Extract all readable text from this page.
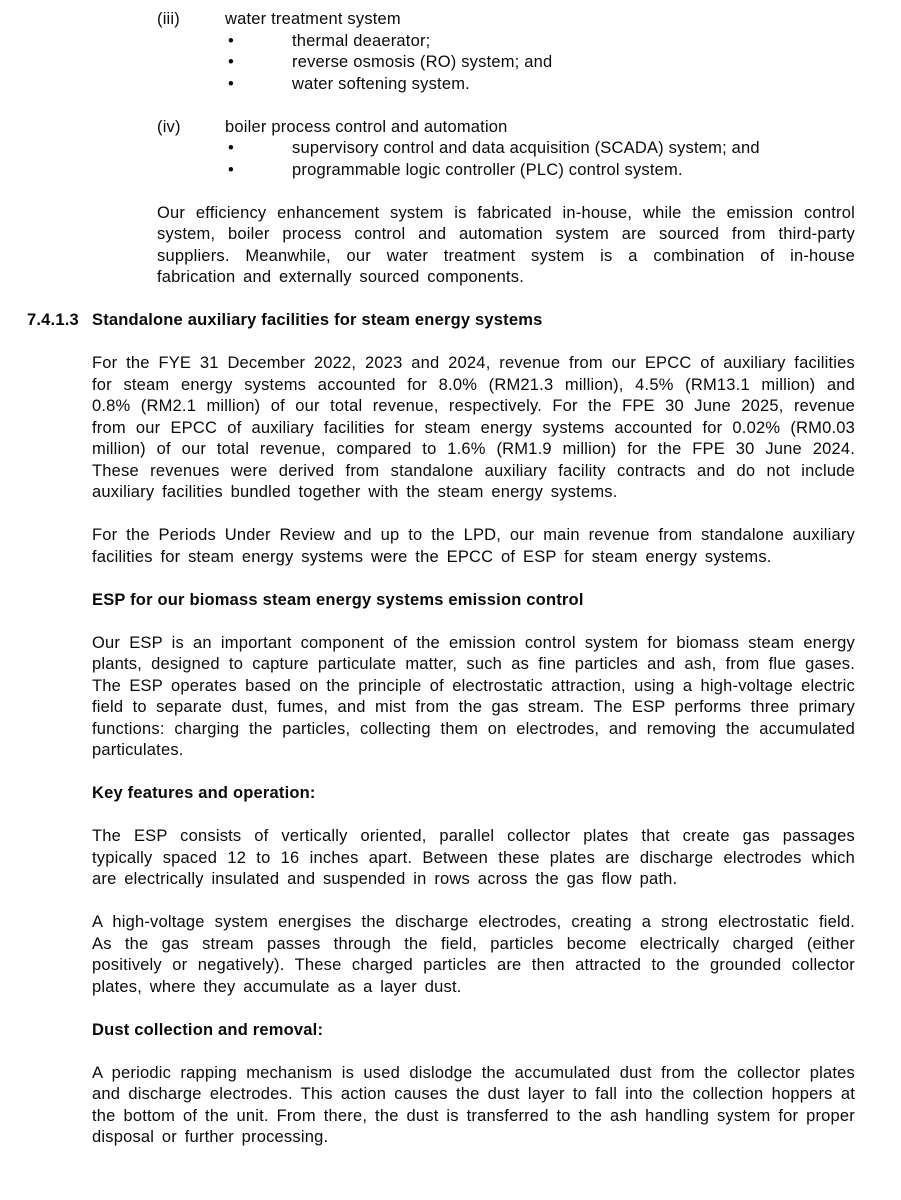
(iii)	water treatment system
•	thermal deaerator;
•	reverse osmosis (RO) system; and
•	water softening system.
(iv)	boiler process control and automation
•	supervisory control and data acquisition (SCADA) system; and
•	programmable logic controller (PLC) control system.

Our efficiency enhancement system is fabricated in-house, while the emission control system, boiler process control and automation system are sourced from third-party suppliers. Meanwhile, our water treatment system is a combination of in-house fabrication and externally sourced components.

7.4.1.3 Standalone auxiliary facilities for steam energy systems

For the FYE 31 December 2022, 2023 and 2024, revenue from our EPCC of auxiliary facilities for steam energy systems accounted for 8.0% (RM21.3 million), 4.5% (RM13.1 million) and 0.8% (RM2.1 million) of our total revenue, respectively. For the FPE 30 June 2025, revenue from our EPCC of auxiliary facilities for steam energy systems accounted for 0.02% (RM0.03 million) of our total revenue, compared to 1.6% (RM1.9 million) for the FPE 30 June 2024. These revenues were derived from standalone auxiliary facility contracts and do not include auxiliary facilities bundled together with the steam energy systems.

For the Periods Under Review and up to the LPD, our main revenue from standalone auxiliary facilities for steam energy systems were the EPCC of ESP for steam energy systems.

ESP for our biomass steam energy systems emission control

Our ESP is an important component of the emission control system for biomass steam energy plants, designed to capture particulate matter, such as fine particles and ash, from flue gases. The ESP operates based on the principle of electrostatic attraction, using a high-voltage electric field to separate dust, fumes, and mist from the gas stream. The ESP performs three primary functions: charging the particles, collecting them on electrodes, and removing the accumulated particulates.

Key features and operation:

The ESP consists of vertically oriented, parallel collector plates that create gas passages typically spaced 12 to 16 inches apart. Between these plates are discharge electrodes which are electrically insulated and suspended in rows across the gas flow path.

A high-voltage system energises the discharge electrodes, creating a strong electrostatic field. As the gas stream passes through the field, particles become electrically charged (either positively or negatively). These charged particles are then attracted to the grounded collector plates, where they accumulate as a layer dust.

Dust collection and removal:

A periodic rapping mechanism is used dislodge the accumulated dust from the collector plates and discharge electrodes. This action causes the dust layer to fall into the collection hoppers at the bottom of the unit. From there, the dust is transferred to the ash handling system for proper disposal or further processing.
